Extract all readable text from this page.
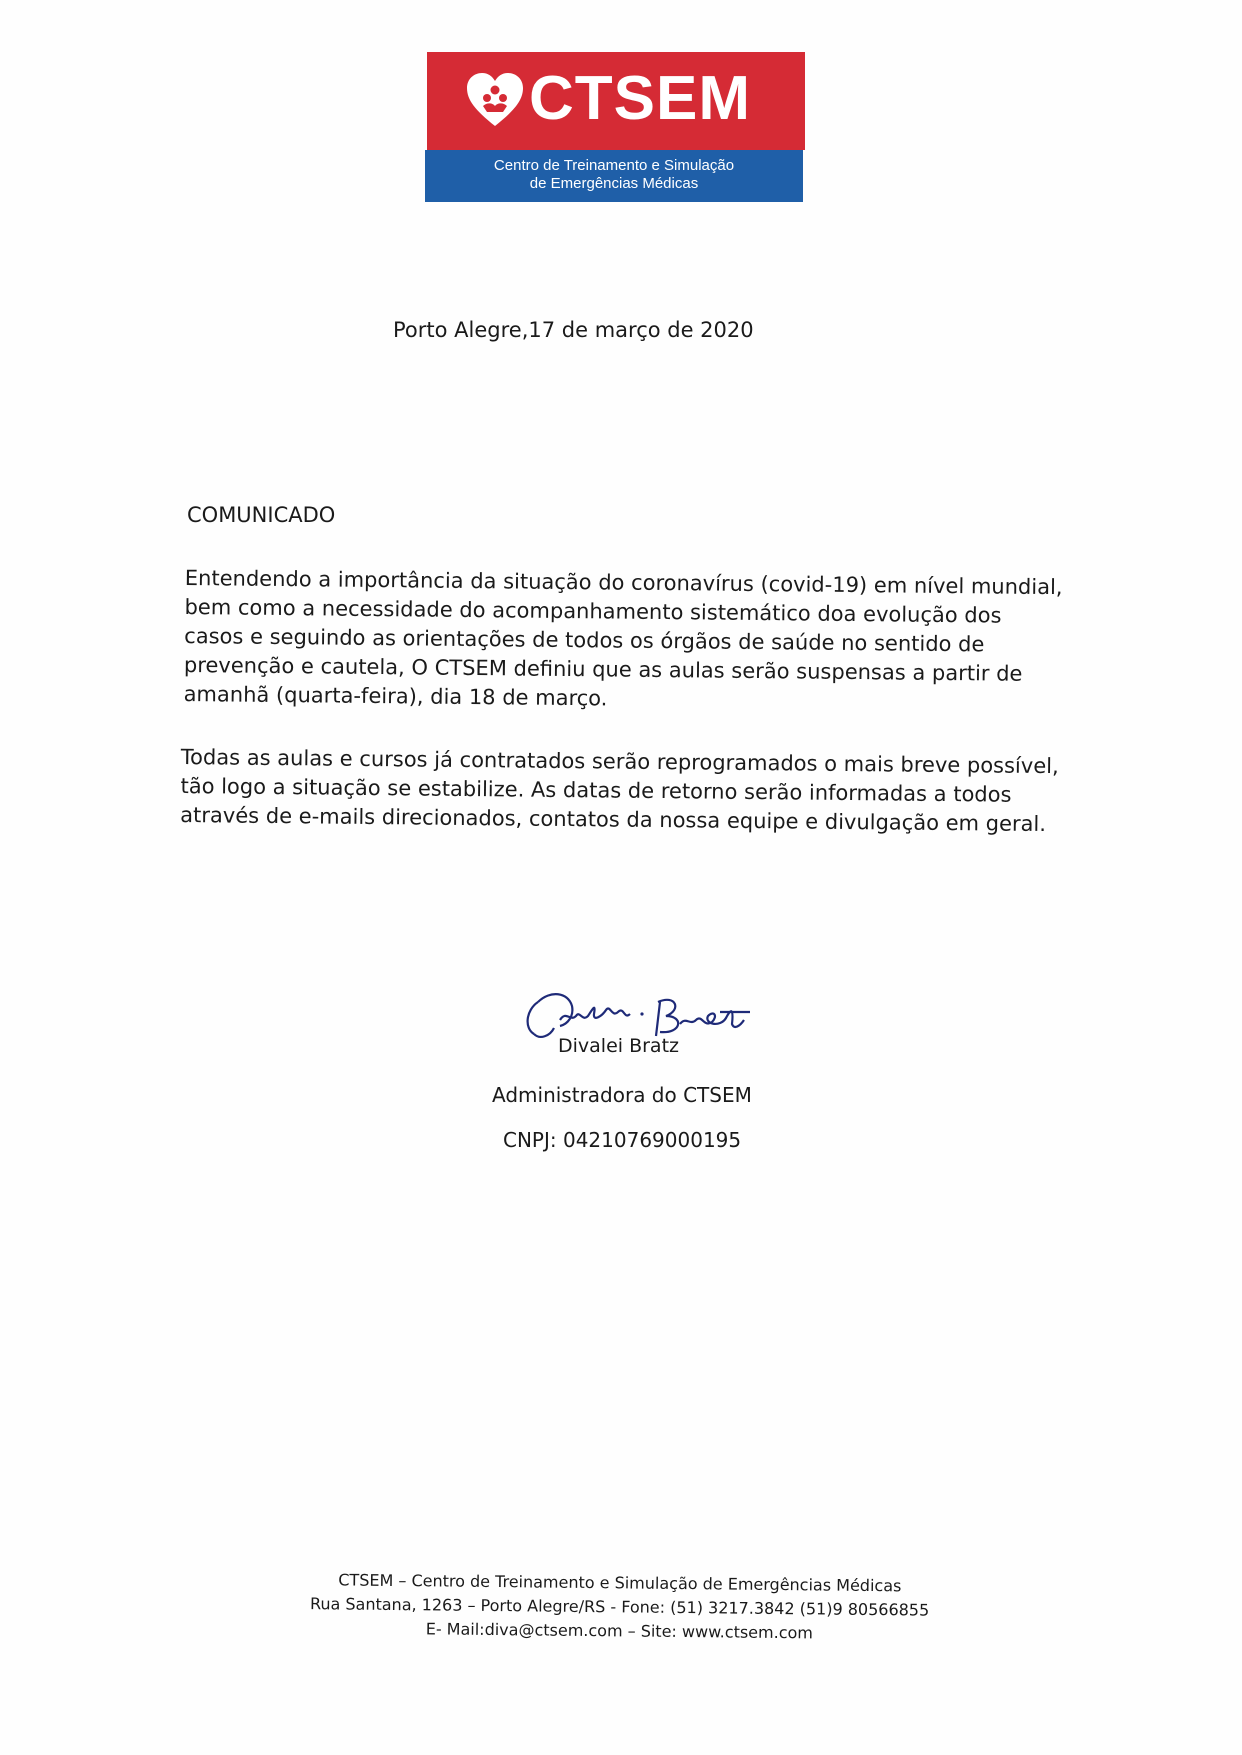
CTSEM
Centro de Treinamento e Simulação
de Emergências Médicas
Porto Alegre,17 de março de 2020
COMUNICADO
Entendendo a importância da situação do coronavírus (covid-19) em nível mundial, bem como a necessidade do acompanhamento sistemático doa evolução dos casos e seguindo as orientações de todos os órgãos de saúde no sentido de prevenção e cautela, O CTSEM definiu que as aulas serão suspensas a partir de amanhã (quarta-feira), dia 18 de março.
Todas as aulas e cursos já contratados serão reprogramados o mais breve possível, tão logo a situação se estabilize. As datas de retorno serão informadas a todos através de e-mails direcionados, contatos da nossa equipe e divulgação em geral.
Divalei Bratz
Administradora do CTSEM
CNPJ: 04210769000195
CTSEM – Centro de Treinamento e Simulação de Emergências Médicas
Rua Santana, 1263 – Porto Alegre/RS - Fone: (51) 3217.3842 (51)9 80566855
E- Mail:diva@ctsem.com – Site: www.ctsem.com
